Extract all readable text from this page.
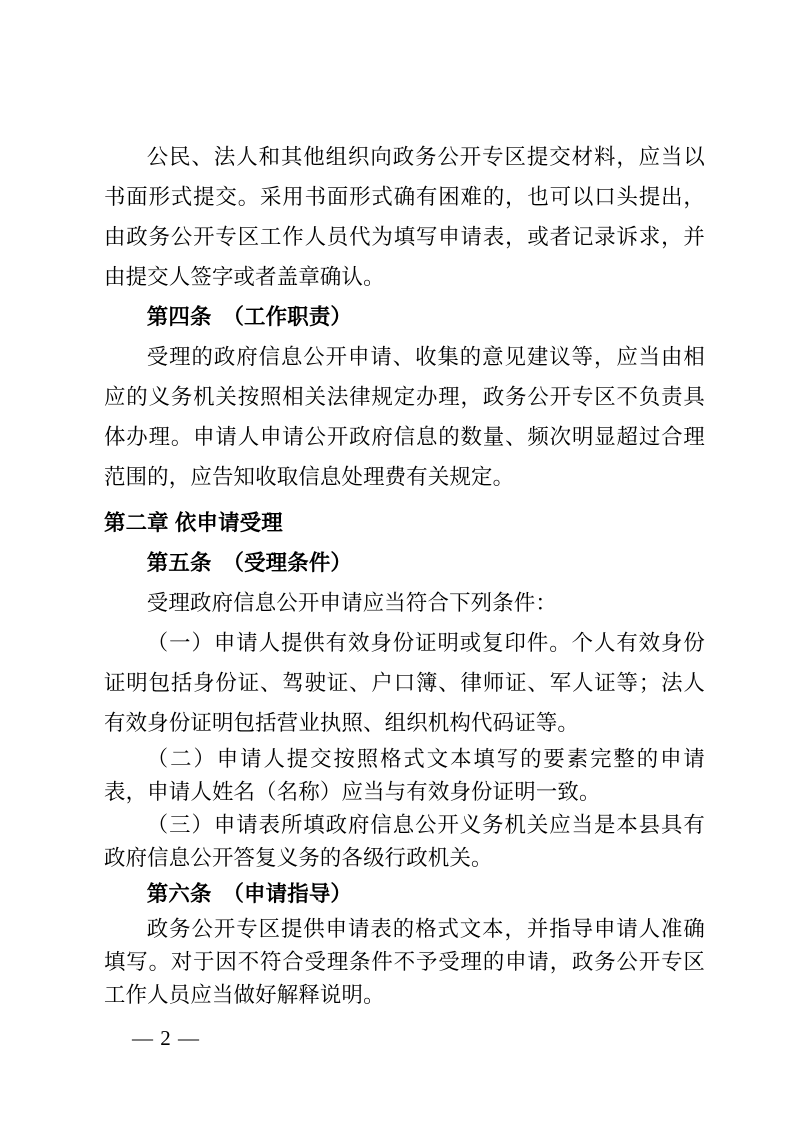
公民、法人和其他组织向政务公开专区提交材料，应当以书面形式提交。采用书面形式确有困难的，也可以口头提出，由政务公开专区工作人员代为填写申请表，或者记录诉求，并由提交人签字或者盖章确认。

第四条　（工作职责）

受理的政府信息公开申请、收集的意见建议等，应当由相应的义务机关按照相关法律规定办理，政务公开专区不负责具体办理。申请人申请公开政府信息的数量、频次明显超过合理范围的，应告知收取信息处理费有关规定。

第二章 依申请受理

第五条　（受理条件）

受理政府信息公开申请应当符合下列条件：

（一）申请人提供有效身份证明或复印件。个人有效身份证明包括身份证、驾驶证、户口簿、律师证、军人证等；法人有效身份证明包括营业执照、组织机构代码证等。

（二）申请人提交按照格式文本填写的要素完整的申请表，申请人姓名（名称）应当与有效身份证明一致。

（三）申请表所填政府信息公开义务机关应当是本县具有政府信息公开答复义务的各级行政机关。

第六条　（申请指导）

政务公开专区提供申请表的格式文本，并指导申请人准确填写。对于因不符合受理条件不予受理的申请，政务公开专区工作人员应当做好解释说明。

— 2 —
